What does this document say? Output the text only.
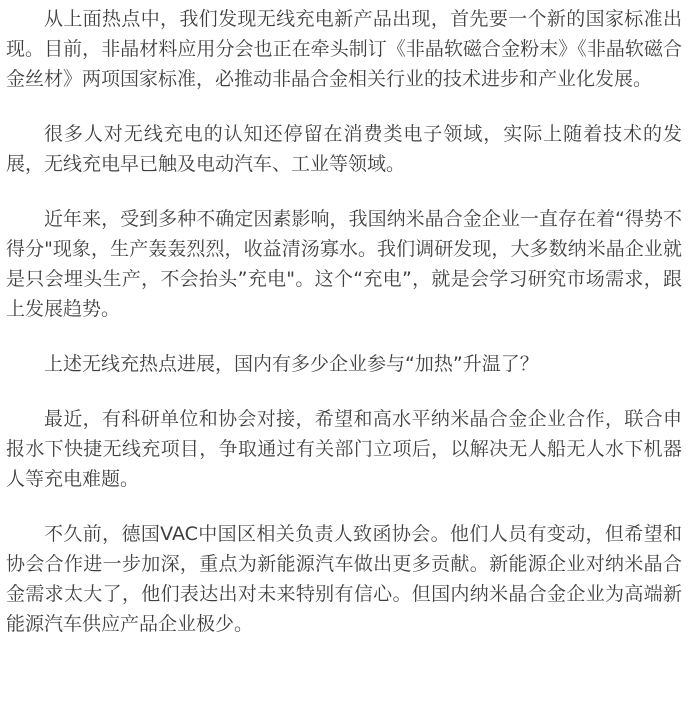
从上面热点中，我们发现无线充电新产品出现，首先要一个新的国家标准出现。目前，非晶材料应用分会也正在牵头制订《非晶软磁合金粉末》《非晶软磁合金丝材》两项国家标准，必推动非晶合金相关行业的技术进步和产业化发展。

很多人对无线充电的认知还停留在消费类电子领域，实际上随着技术的发展，无线充电早已触及电动汽车、工业等领域。

近年来，受到多种不确定因素影响，我国纳米晶合金企业一直存在着“得势不得分"现象，生产轰轰烈烈，收益清汤寡水。我们调研发现，大多数纳米晶企业就是只会埋头生产，不会抬头”充电"。这个“充电”，就是会学习研究市场需求，跟上发展趋势。

上述无线充热点进展，国内有多少企业参与“加热”升温了？

最近，有科研单位和协会对接，希望和高水平纳米晶合金企业合作，联合申报水下快捷无线充项目，争取通过有关部门立项后，以解决无人船无人水下机器人等充电难题。

不久前，德国VAC中国区相关负责人致函协会。他们人员有变动，但希望和协会合作进一步加深，重点为新能源汽车做出更多贡献。新能源企业对纳米晶合金需求太大了，他们表达出对未来特别有信心。但国内纳米晶合金企业为高端新能源汽车供应产品企业极少。
